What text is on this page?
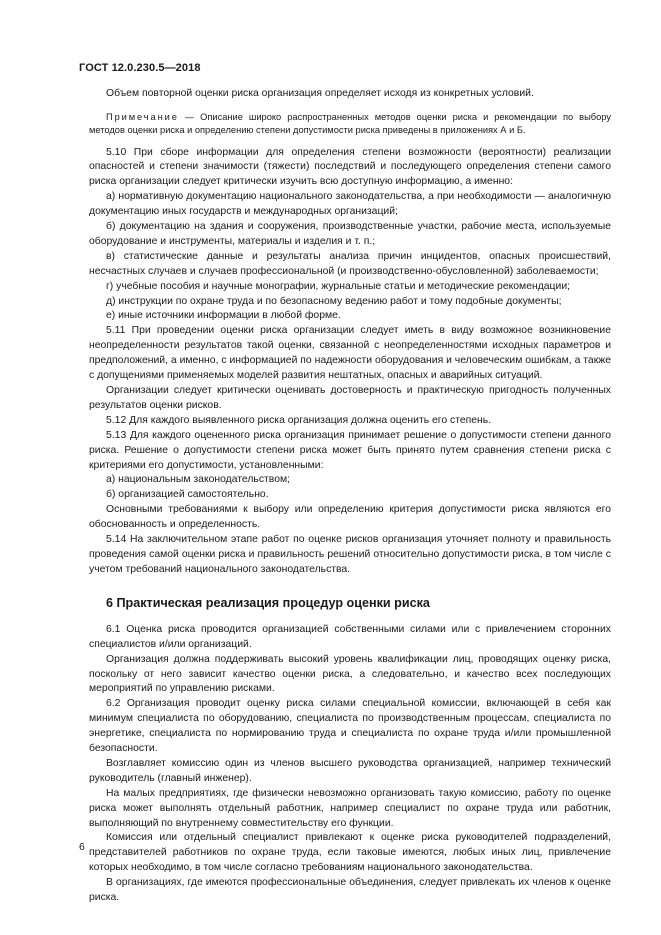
ГОСТ 12.0.230.5—2018

Объем повторной оценки риска организация определяет исходя из конкретных условий.

Примечание — Описание широко распространенных методов оценки риска и рекомендации по выбору методов оценки риска и определению степени допустимости риска приведены в приложениях А и Б.

5.10 При сборе информации для определения степени возможности (вероятности) реализации опасностей и степени значимости (тяжести) последствий и последующего определения степени самого риска организации следует критически изучить всю доступную информацию, а именно:

а) нормативную документацию национального законодательства, а при необходимости — аналогичную документацию иных государств и международных организаций;

б) документацию на здания и сооружения, производственные участки, рабочие места, используемые оборудование и инструменты, материалы и изделия и т. п.;

в) статистические данные и результаты анализа причин инцидентов, опасных происшествий, несчастных случаев и случаев профессиональной (и производственно-обусловленной) заболеваемости;

г) учебные пособия и научные монографии, журнальные статьи и методические рекомендации;

д) инструкции по охране труда и по безопасному ведению работ и тому подобные документы;

е) иные источники информации в любой форме.

5.11 При проведении оценки риска организации следует иметь в виду возможное возникновение неопределенности результатов такой оценки, связанной с неопределенностями исходных параметров и предположений, а именно, с информацией по надежности оборудования и человеческим ошибкам, а также с допущениями применяемых моделей развития нештатных, опасных и аварийных ситуаций.

Организации следует критически оценивать достоверность и практическую пригодность полученных результатов оценки рисков.

5.12 Для каждого выявленного риска организация должна оценить его степень.

5.13 Для каждого оцененного риска организация принимает решение о допустимости степени данного риска. Решение о допустимости степени риска может быть принято путем сравнения степени риска с критериями его допустимости, установленными:

а) национальным законодательством;

б) организацией самостоятельно.

Основными требованиями к выбору или определению критерия допустимости риска являются его обоснованность и определенность.

5.14 На заключительном этапе работ по оценке рисков организация уточняет полноту и правильность проведения самой оценки риска и правильность решений относительно допустимости риска, в том числе с учетом требований национального законодательства.

6 Практическая реализация процедур оценки риска

6.1 Оценка риска проводится организацией собственными силами или с привлечением сторонних специалистов и/или организаций.

Организация должна поддерживать высокий уровень квалификации лиц, проводящих оценку риска, поскольку от него зависит качество оценки риска, а следовательно, и качество всех последующих мероприятий по управлению рисками.

6.2 Организация проводит оценку риска силами специальной комиссии, включающей в себя как минимум специалиста по оборудованию, специалиста по производственным процессам, специалиста по энергетике, специалиста по нормированию труда и специалиста по охране труда и/или промышленной безопасности.

Возглавляет комиссию один из членов высшего руководства организацией, например технический руководитель (главный инженер).

На малых предприятиях, где физически невозможно организовать такую комиссию, работу по оценке риска может выполнять отдельный работник, например специалист по охране труда или работник, выполняющий по внутреннему совместительству его функции.

Комиссия или отдельный специалист привлекают к оценке риска руководителей подразделений, представителей работников по охране труда, если таковые имеются, любых иных лиц, привлечение которых необходимо, в том числе согласно требованиям национального законодательства.

В организациях, где имеются профессиональные объединения, следует привлекать их членов к оценке риска.

6
